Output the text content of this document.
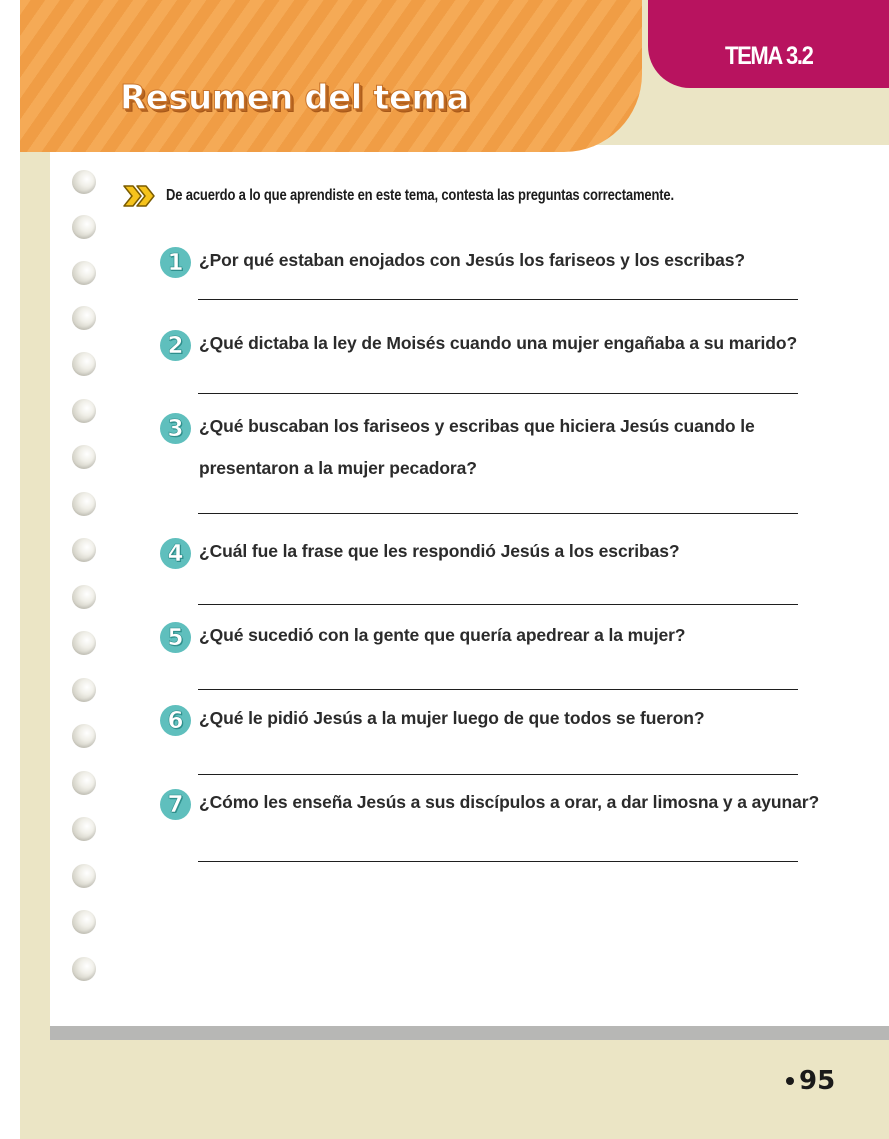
Resumen del tema
TEMA 3.2
De acuerdo a lo que aprendiste en este tema, contesta las preguntas correctamente.
1 ¿Por qué estaban enojados con Jesús los fariseos y los escribas?
2 ¿Qué dictaba la ley de Moisés cuando una mujer engañaba a su marido?
3 ¿Qué buscaban los fariseos y escribas que hiciera Jesús cuando le presentaron a la mujer pecadora?
4 ¿Cuál fue la frase que les respondió Jesús a los escribas?
5 ¿Qué sucedió con la gente que quería apedrear a la mujer?
6 ¿Qué le pidió Jesús a la mujer luego de que todos se fueron?
7 ¿Cómo les enseña Jesús a sus discípulos a orar, a dar limosna y a ayunar?
95
